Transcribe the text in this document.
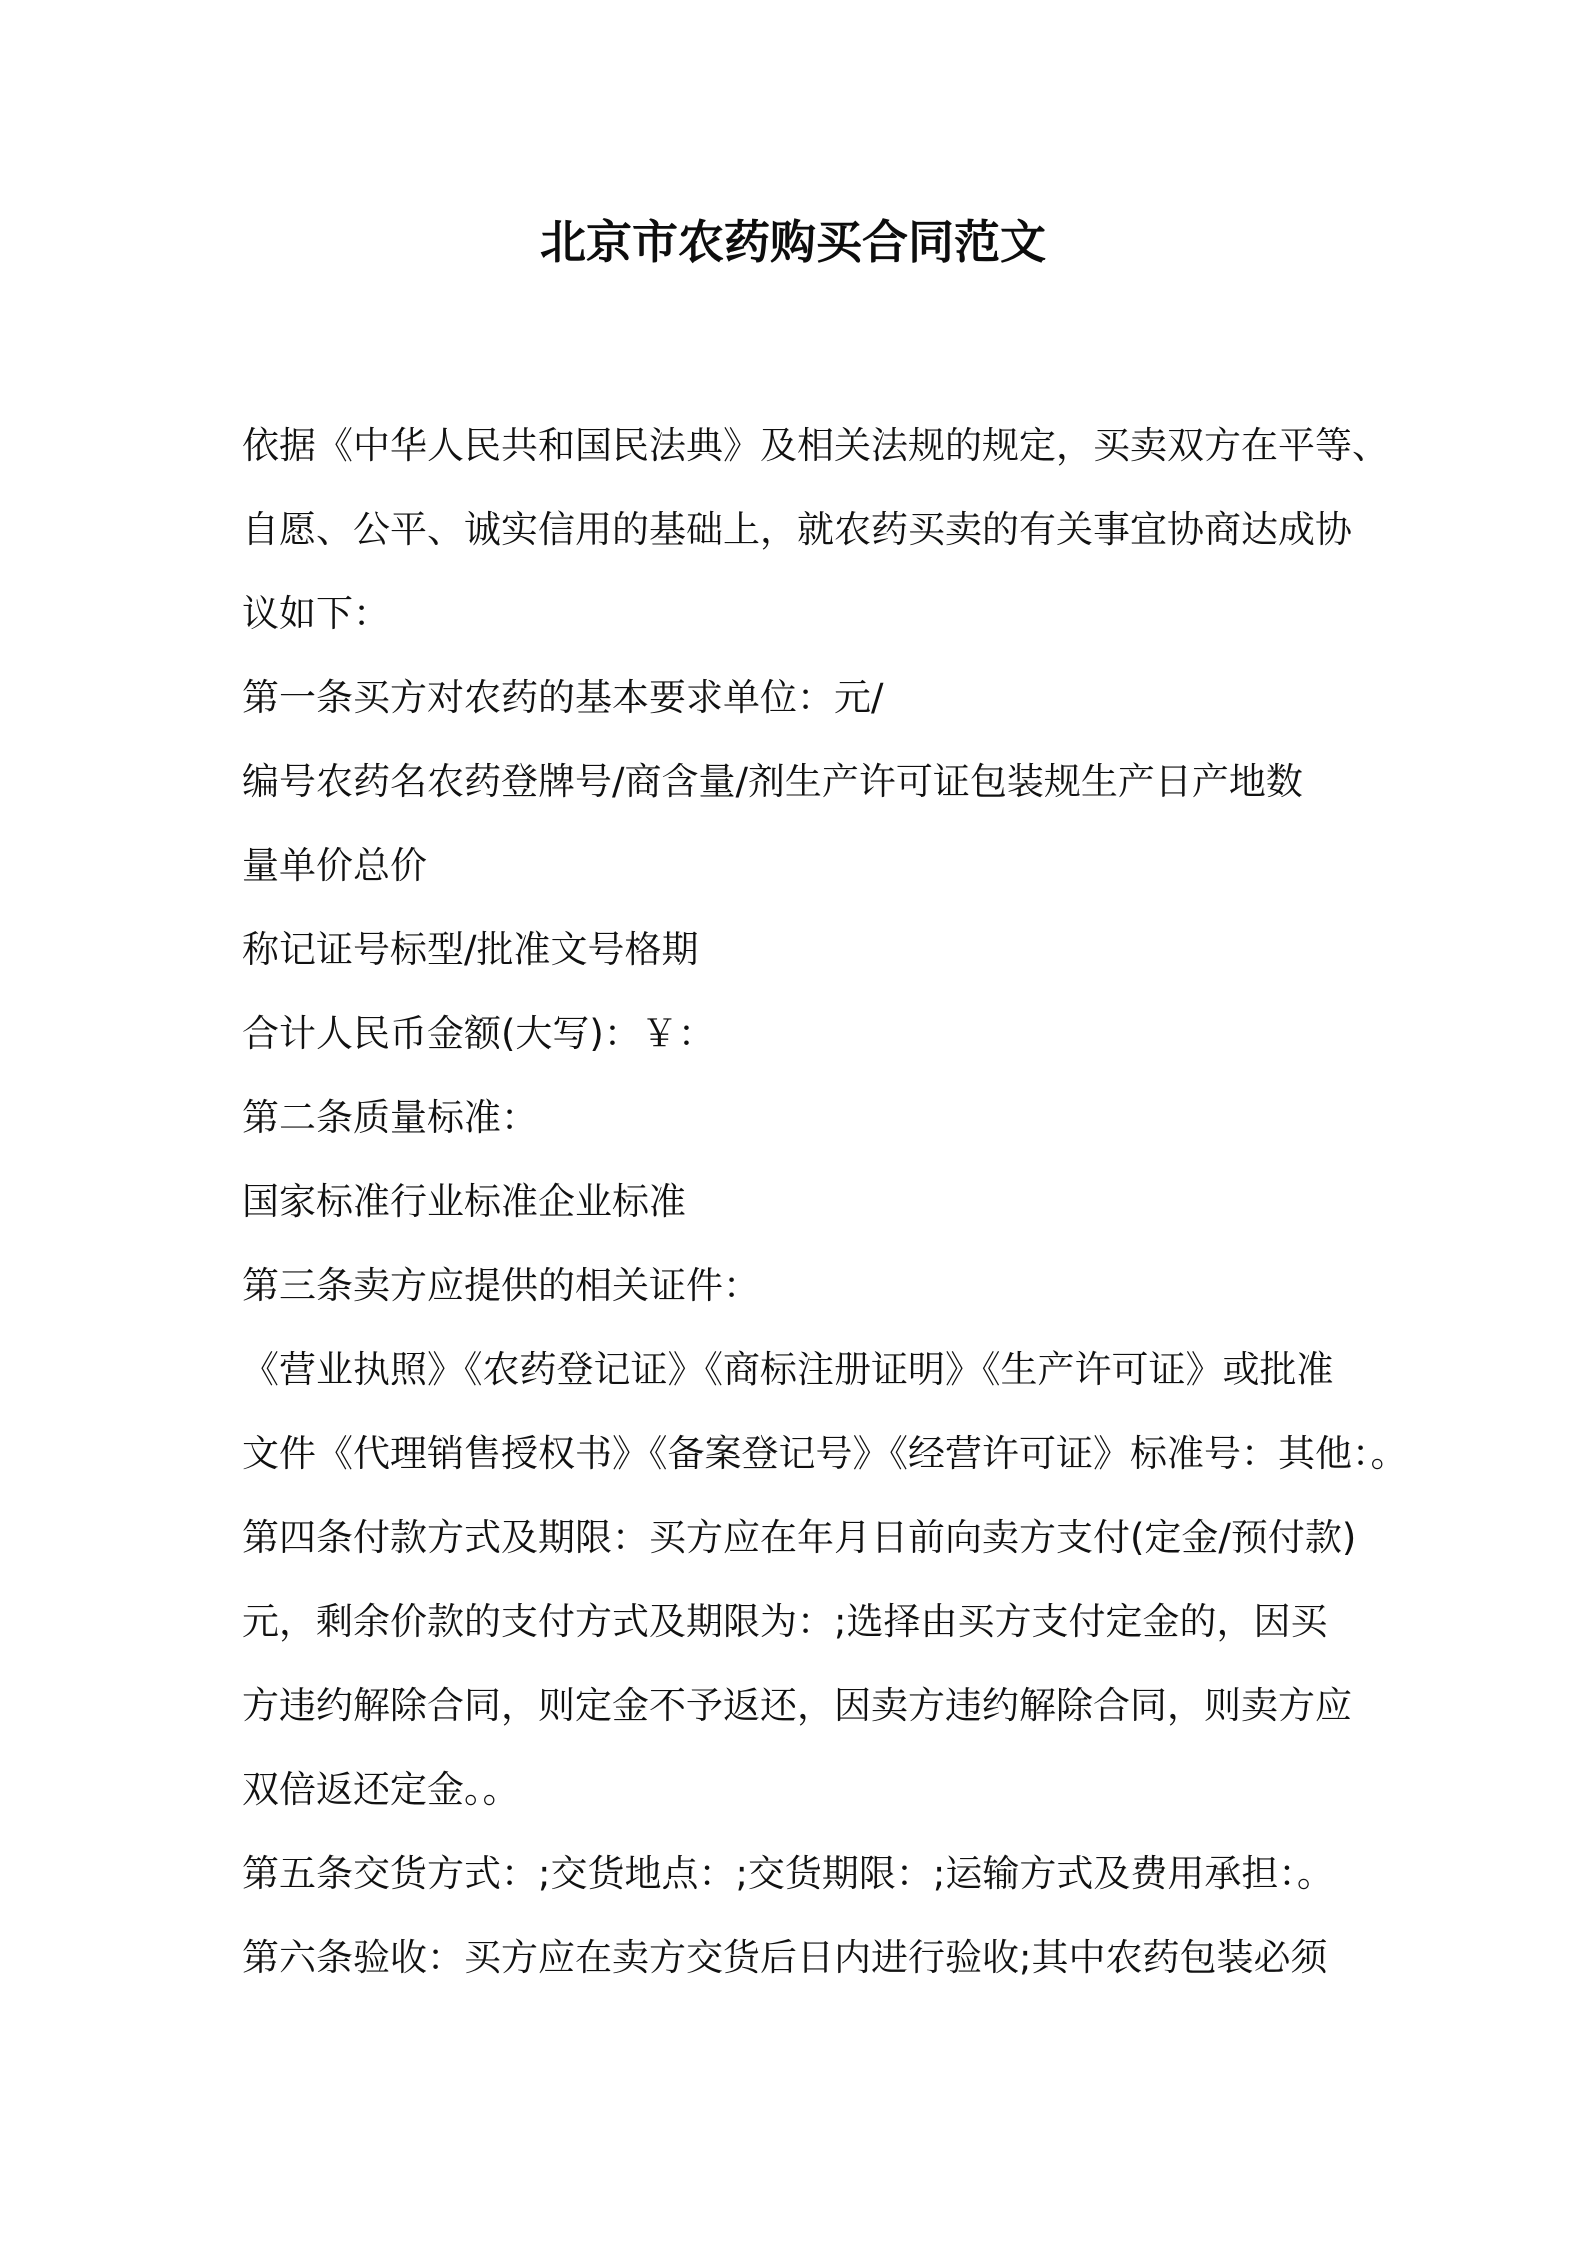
北京市农药购买合同范文
依据《中华人民共和国民法典》及相关法规的规定，买卖双方在平等、
自愿、公平、诚实信用的基础上，就农药买卖的有关事宜协商达成协
议如下：
第一条买方对农药的基本要求单位：元/
编号农药名农药登牌号/商含量/剂生产许可证包装规生产日产地数
量单价总价
称记证号标型/批准文号格期
合计人民币金额(大写)：￥：
第二条质量标准：
国家标准行业标准企业标准
第三条卖方应提供的相关证件：
《营业执照》《农药登记证》《商标注册证明》《生产许可证》或批准
文件《代理销售授权书》《备案登记号》《经营许可证》标准号：其他：。
第四条付款方式及期限：买方应在年月日前向卖方支付(定金/预付款)
元，剩余价款的支付方式及期限为：;选择由买方支付定金的，因买
方违约解除合同，则定金不予返还，因卖方违约解除合同，则卖方应
双倍返还定金。。
第五条交货方式：;交货地点：;交货期限：;运输方式及费用承担：。
第六条验收：买方应在卖方交货后日内进行验收;其中农药包装必须
